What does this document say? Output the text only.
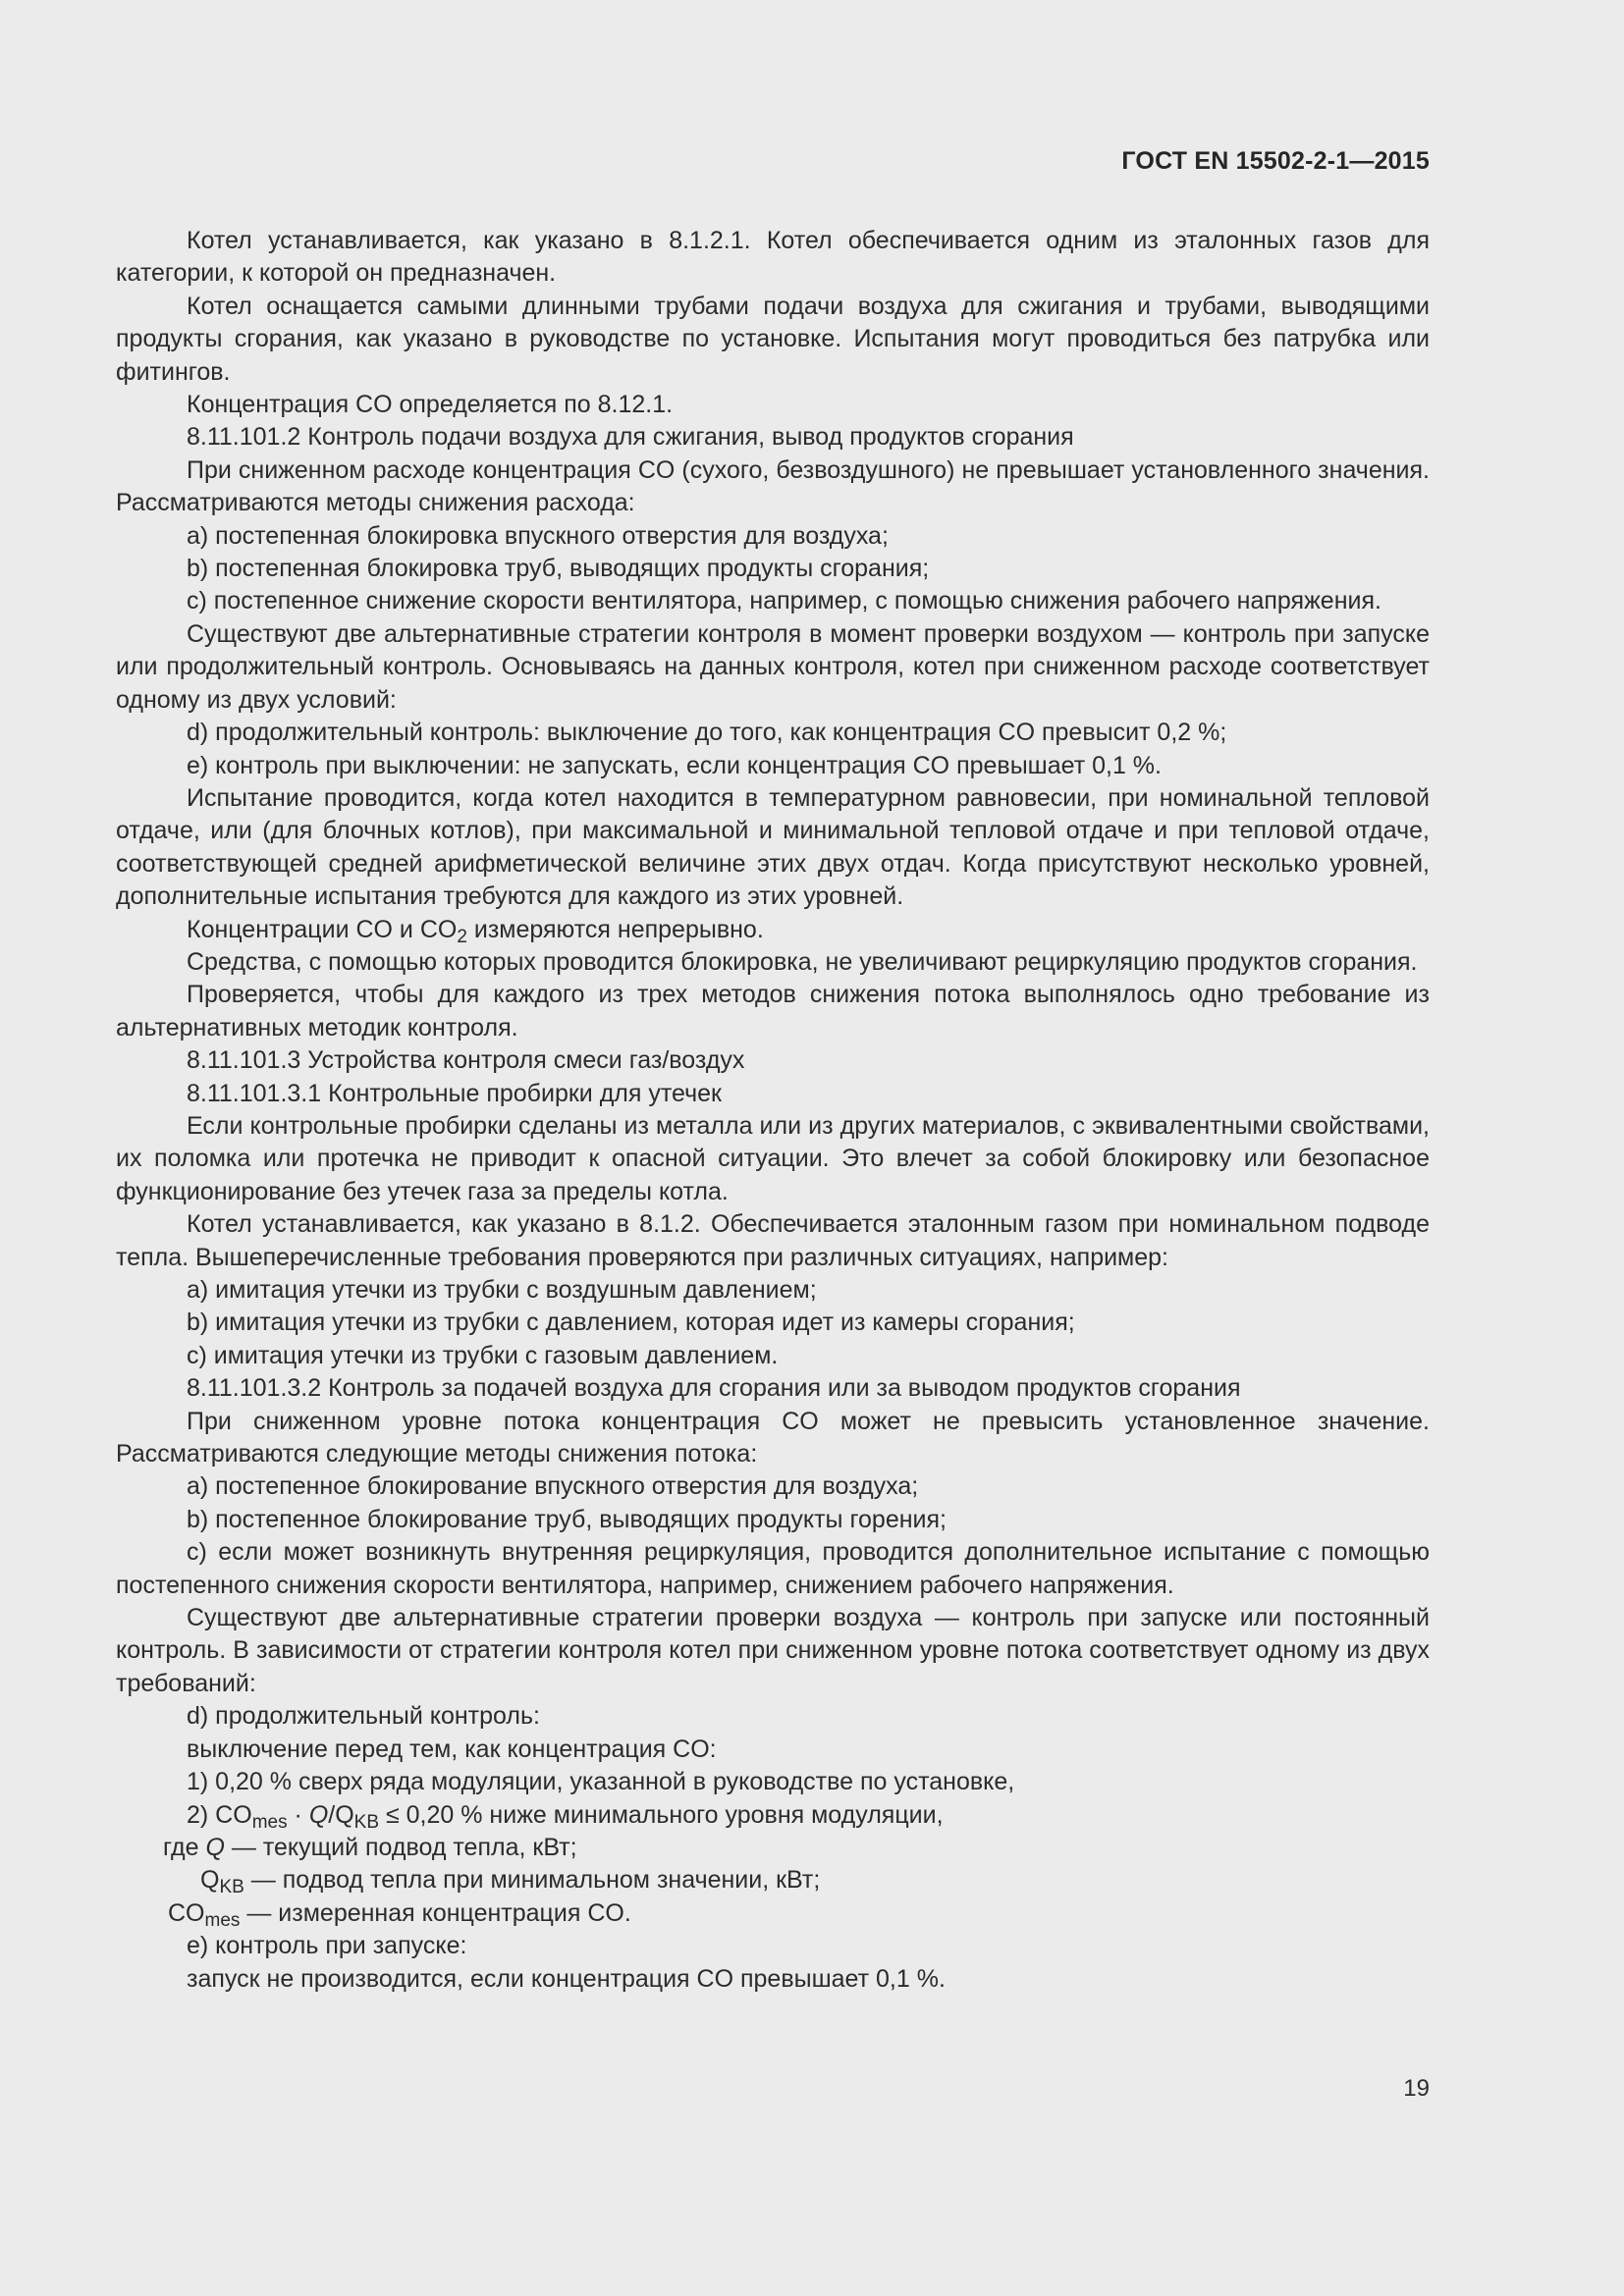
ГОСТ EN 15502-2-1—2015

Котел устанавливается, как указано в 8.1.2.1. Котел обеспечивается одним из эталонных газов для категории, к которой он предназначен.

Котел оснащается самыми длинными трубами подачи воздуха для сжигания и трубами, выводящими продукты сгорания, как указано в руководстве по установке. Испытания могут проводиться без патрубка или фитингов.

Концентрация CO определяется по 8.12.1.

8.11.101.2 Контроль подачи воздуха для сжигания, вывод продуктов сгорания

При сниженном расходе концентрация CO (сухого, безвоздушного) не превышает установленного значения. Рассматриваются методы снижения расхода:

a) постепенная блокировка впускного отверстия для воздуха;

b) постепенная блокировка труб, выводящих продукты сгорания;

c) постепенное снижение скорости вентилятора, например, с помощью снижения рабочего напряжения.

Существуют две альтернативные стратегии контроля в момент проверки воздухом — контроль при запуске или продолжительный контроль. Основываясь на данных контроля, котел при сниженном расходе соответствует одному из двух условий:

d) продолжительный контроль: выключение до того, как концентрация CO превысит 0,2 %;

e) контроль при выключении: не запускать, если концентрация CO превышает 0,1 %.

Испытание проводится, когда котел находится в температурном равновесии, при номинальной тепловой отдаче, или (для блочных котлов), при максимальной и минимальной тепловой отдаче и при тепловой отдаче, соответствующей средней арифметической величине этих двух отдач. Когда присутствуют несколько уровней, дополнительные испытания требуются для каждого из этих уровней.

Концентрации CO и $CO_2$ измеряются непрерывно.

Средства, с помощью которых проводится блокировка, не увеличивают рециркуляцию продуктов сгорания.

Проверяется, чтобы для каждого из трех методов снижения потока выполнялось одно требование из альтернативных методик контроля.

8.11.101.3 Устройства контроля смеси газ/воздух

8.11.101.3.1 Контрольные пробирки для утечек

Если контрольные пробирки сделаны из металла или из других материалов, с эквивалентными свойствами, их поломка или протечка не приводит к опасной ситуации. Это влечет за собой блокировку или безопасное функционирование без утечек газа за пределы котла.

Котел устанавливается, как указано в 8.1.2. Обеспечивается эталонным газом при номинальном подводе тепла. Вышеперечисленные требования проверяются при различных ситуациях, например:

a) имитация утечки из трубки с воздушным давлением;

b) имитация утечки из трубки с давлением, которая идет из камеры сгорания;

c) имитация утечки из трубки с газовым давлением.

8.11.101.3.2 Контроль за подачей воздуха для сгорания или за выводом продуктов сгорания

При сниженном уровне потока концентрация CO может не превысить установленное значение. Рассматриваются следующие методы снижения потока:

a) постепенное блокирование впускного отверстия для воздуха;

b) постепенное блокирование труб, выводящих продукты горения;

c) если может возникнуть внутренняя рециркуляция, проводится дополнительное испытание с помощью постепенного снижения скорости вентилятора, например, снижением рабочего напряжения.

Существуют две альтернативные стратегии проверки воздуха — контроль при запуске или постоянный контроль. В зависимости от стратегии контроля котел при сниженном уровне потока соответствует одному из двух требований:

d) продолжительный контроль:

выключение перед тем, как концентрация CO:

1) 0,20 % сверх ряда модуляции, указанной в руководстве по установке,

2) $CO_{mes} \cdot Q/Q_{KB} \le 0,20$ % ниже минимального уровня модуляции,

где Q — текущий подвод тепла, кВт;

$Q_{KB}$ — подвод тепла при минимальном значении, кВт;

$CO_{mes}$ — измеренная концентрация CO.

e) контроль при запуске:

запуск не производится, если концентрация CO превышает 0,1 %.

19
